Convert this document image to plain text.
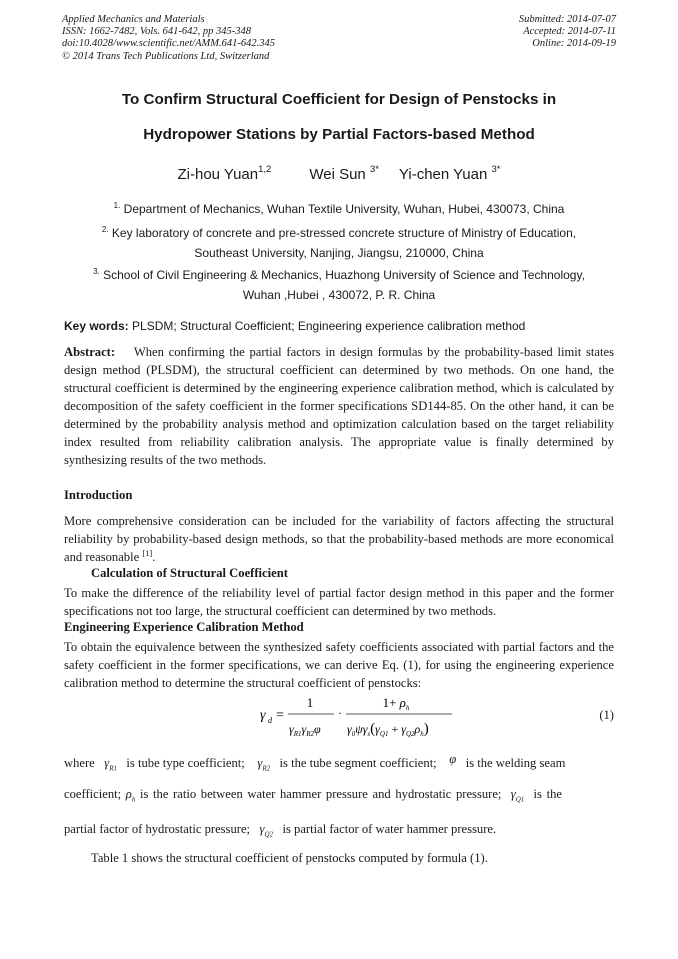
Applied Mechanics and Materials
ISSN: 1662-7482, Vols. 641-642, pp 345-348
doi:10.4028/www.scientific.net/AMM.641-642.345
© 2014 Trans Tech Publications Ltd, Switzerland
Submitted: 2014-07-07
Accepted: 2014-07-11
Online: 2014-09-19
To Confirm Structural Coefficient for Design of Penstocks in
Hydropower Stations by Partial Factors-based Method
Zi-hou Yuan$^{1,2}$	Wei Sun $^{3*}$ Yi-chen Yuan $^{3*}$
$^{1.}$ Department of Mechanics, Wuhan Textile University, Wuhan, Hubei, 430073, China
$^{2.}$ Key laboratory of concrete and pre-stressed concrete structure of Ministry of Education,
Southeast University, Nanjing, Jiangsu, 210000, China
$^{3.}$ School of Civil Engineering & Mechanics, Huazhong University of Science and Technology,
Wuhan ,Hubei , 430072, P. R. China
Key words: PLSDM; Structural Coefficient; Engineering experience calibration method
Abstract: When confirming the partial factors in design formulas by the probability-based limit states design method (PLSDM), the structural coefficient can determined by two methods. On one hand, the structural coefficient is determined by the engineering experience calibration method, which is calculated by decomposition of the safety coefficient in the former specifications SD144-85. On the other hand, it can be determined by the probability analysis method and optimization calculation based on the target reliability index resulted from reliability calibration analysis. The appropriate value is finally determined by synthesizing results of the two methods.
Introduction
More comprehensive consideration can be included for the variability of factors affecting the structural reliability by probability-based design methods, so that the probability-based methods are more economical and reasonable [1].
Calculation of Structural Coefficient
To make the difference of the reliability level of partial factor design method in this paper and the former specifications not too large, the structural coefficient can determined by two methods.
Engineering Experience Calibration Method
To obtain the equivalence between the synthesized safety coefficients associated with partial factors and the safety coefficient in the former specifications, we can derive Eq. (1), for using the engineering experience calibration method to determine the structural coefficient of penstocks:
γ d =
1
$\gamma_{R1}\gamma_{R2}\varphi$
·
$1+ \rho_h$
$\gamma_0\psi\gamma_s(\gamma_{Q1} + \gamma_{Q2}\rho_h)$
(1)
where $\gamma_{R1}$ is tube type coefficient; $\gamma_{R2}$ is the tube segment coefficient; φ is the welding seam
coefficient; $\rho_h$ is the ratio between water hammer pressure and hydrostatic pressure; $\gamma_{Q1}$ is the
partial factor of hydrostatic pressure; $\gamma_{Q2}$ is partial factor of water hammer pressure.
Table 1 shows the structural coefficient of penstocks computed by formula (1).
